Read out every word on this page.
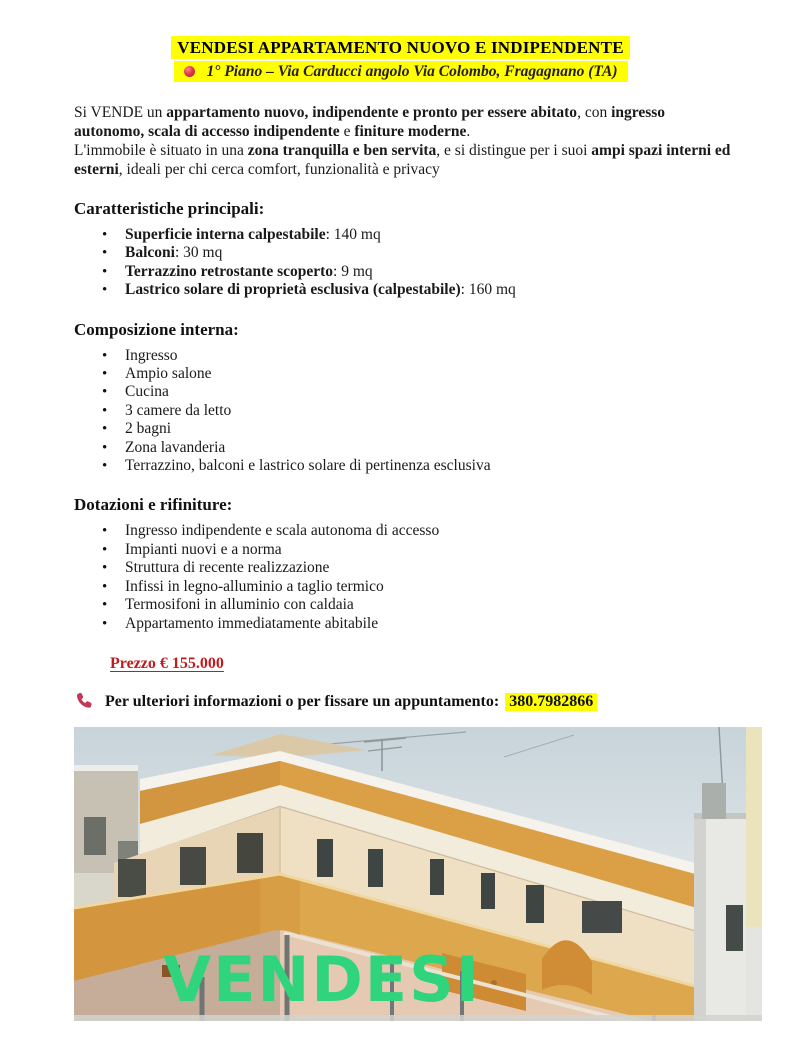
VENDESI APPARTAMENTO NUOVO E INDIPENDENTE
1° Piano – Via Carducci angolo Via Colombo, Fragagnano (TA)

Si VENDE un appartamento nuovo, indipendente e pronto per essere abitato, con ingresso autonomo, scala di accesso indipendente e finiture moderne.
L'immobile è situato in una zona tranquilla e ben servita, e si distingue per i suoi ampi spazi interni ed esterni, ideali per chi cerca comfort, funzionalità e privacy

Caratteristiche principali:
• Superficie interna calpestabile: 140 mq
• Balconi: 30 mq
• Terrazzino retrostante scoperto: 9 mq
• Lastrico solare di proprietà esclusiva (calpestabile): 160 mq
Composizione interna:
• Ingresso
• Ampio salone
• Cucina
• 3 camere da letto
• 2 bagni
• Zona lavanderia
• Terrazzino, balconi e lastrico solare di pertinenza esclusiva
Dotazioni e rifiniture:
• Ingresso indipendente e scala autonoma di accesso
• Impianti nuovi e a norma
• Struttura di recente realizzazione
• Infissi in legno-alluminio a taglio termico
• Termosifoni in alluminio con caldaia
• Appartamento immediatamente abitabile
Prezzo € 155.000
Per ulteriori informazioni o per fissare un appuntamento: 380.7982866
VENDESI
